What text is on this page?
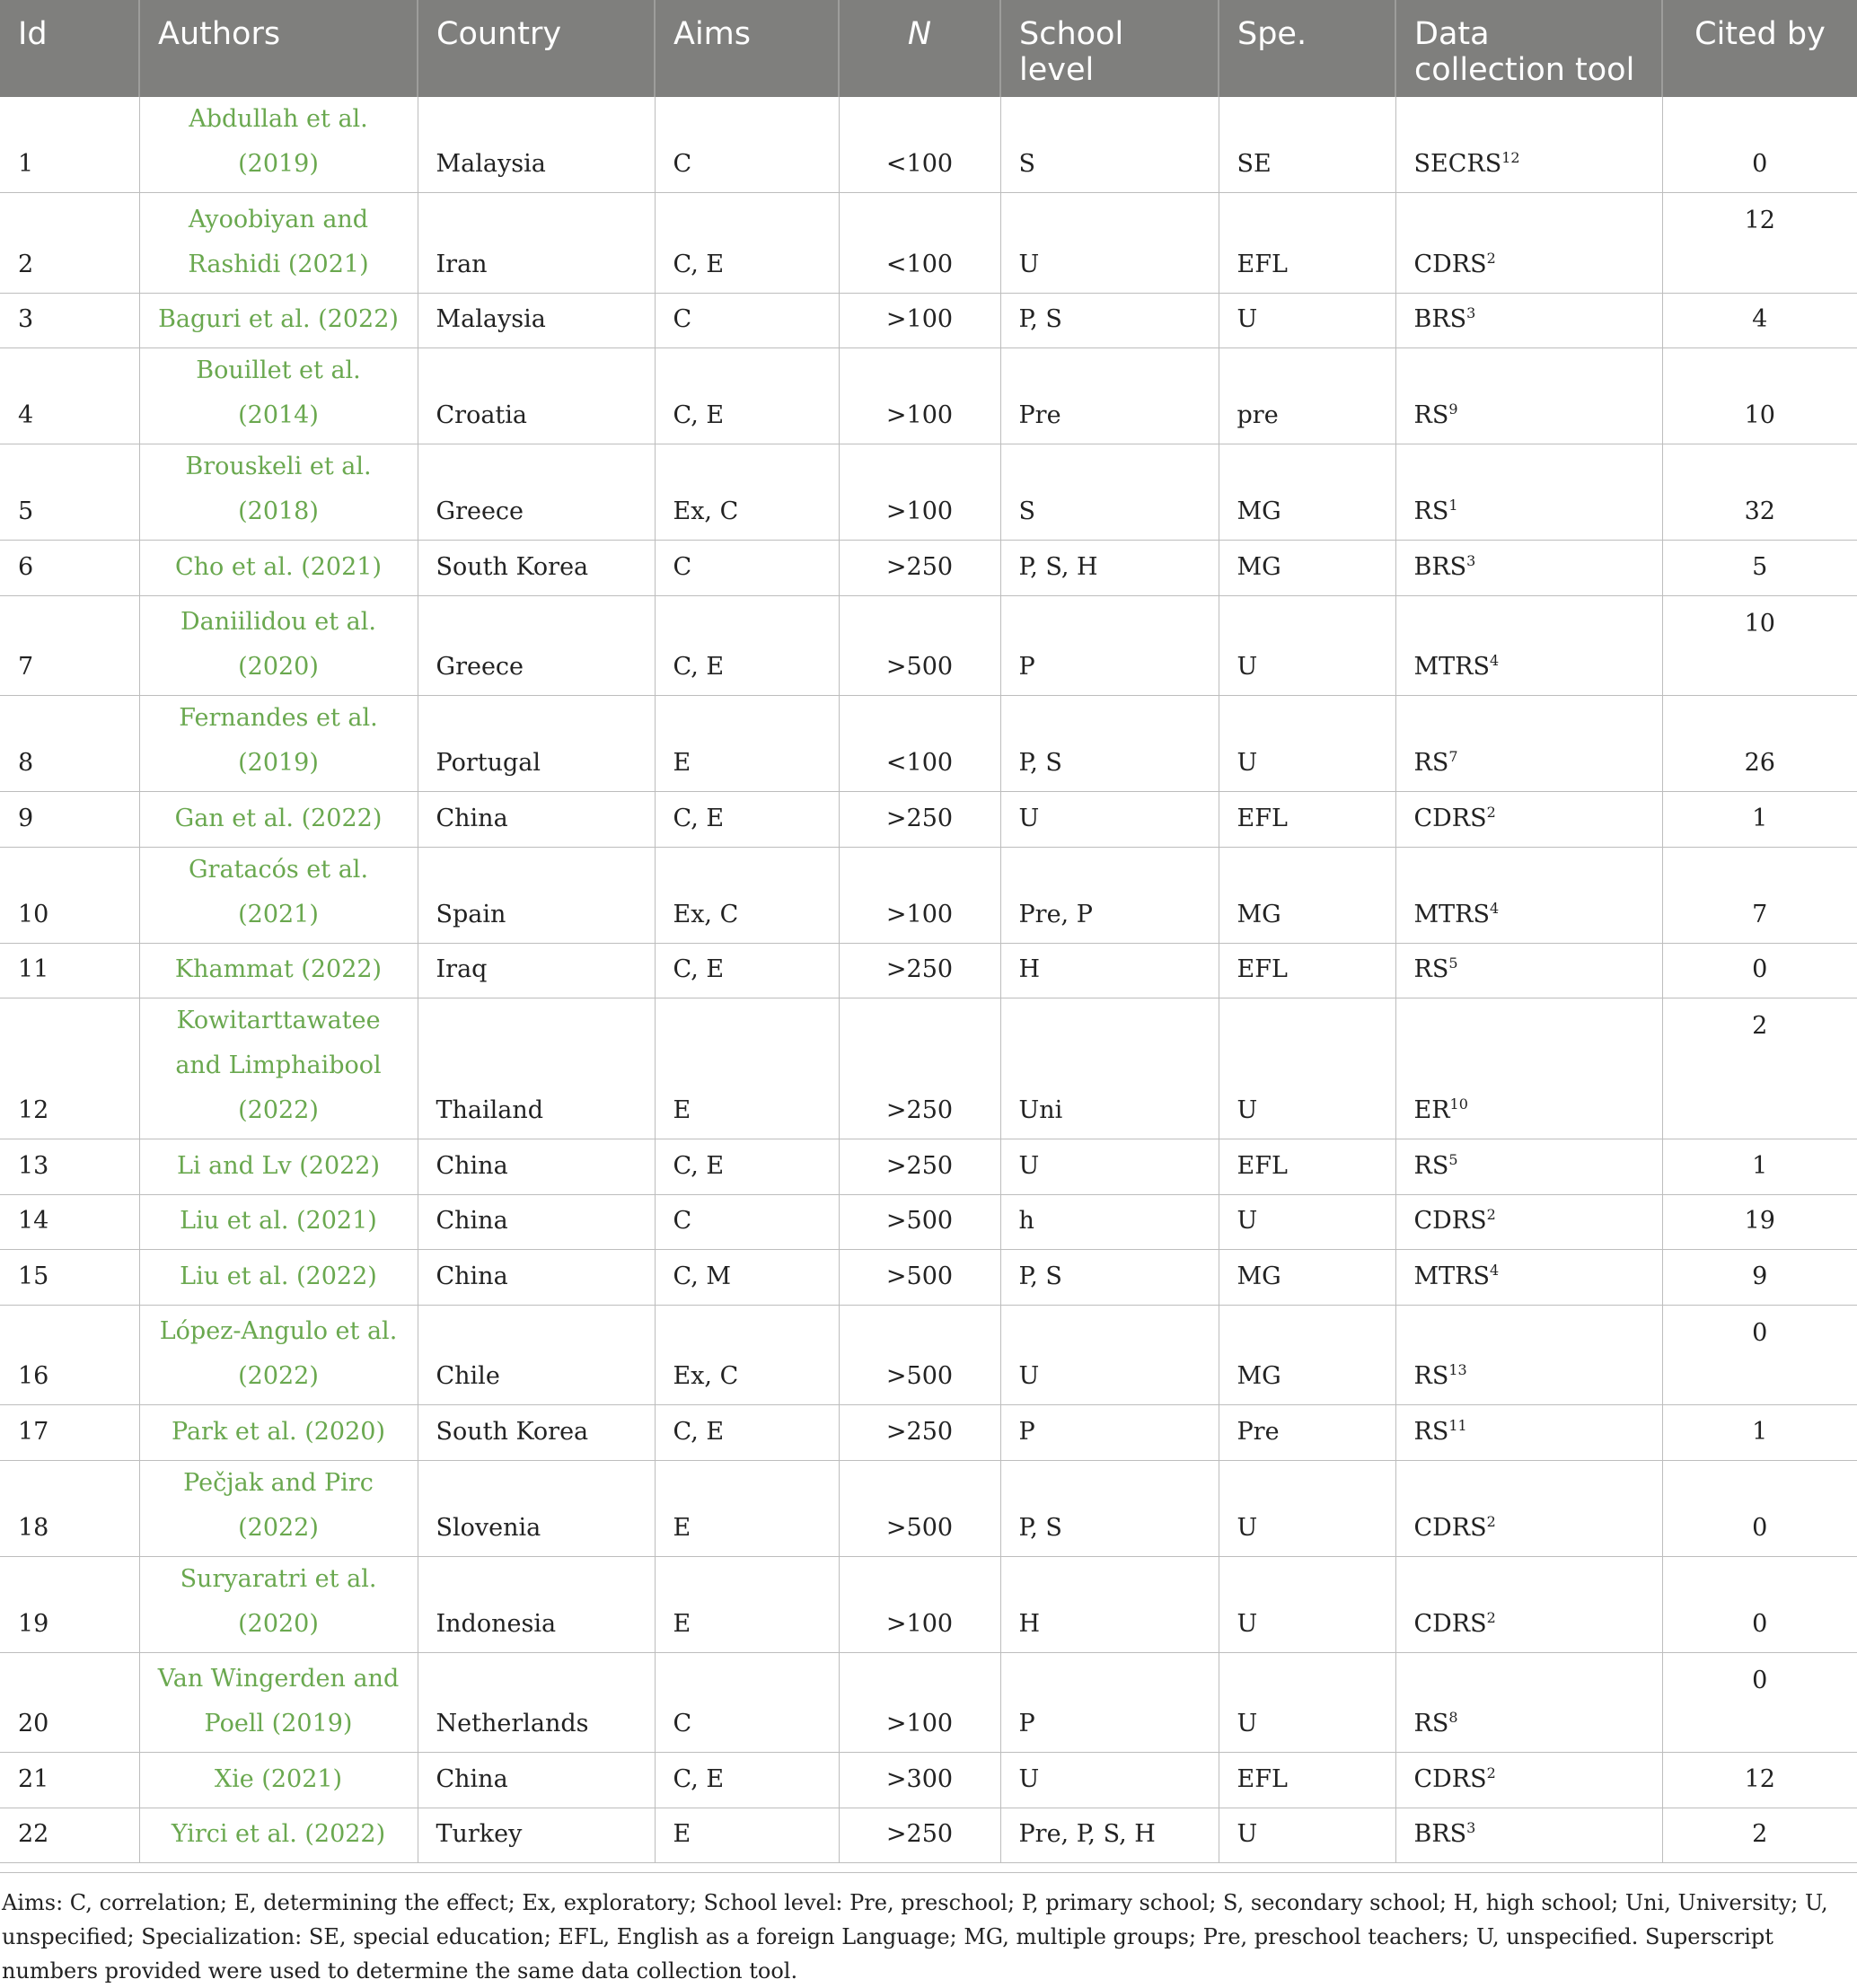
Id	Authors	Country	Aims	N	School level	Spe.	Data collection tool	Cited by
1	Abdullah et al. (2019)	Malaysia	C	<100	S	SE	SECRS$^{12}$	0
2	Ayoobiyan and Rashidi (2021)	Iran	C, E	<100	U	EFL	CDRS$^2$	12
3	Baguri et al. (2022)	Malaysia	C	>100	P, S	U	BRS$^3$	4
4	Bouillet et al. (2014)	Croatia	C, E	>100	Pre	pre	$RS^9$	10
5	Brouskeli et al. (2018)	Greece	Ex, C	>100	S	MG	$RS^1$	32
6	Cho et al. (2021)	South Korea	C	>250	P, S, H	MG	BRS$^3$	5
7	Daniilidou et al. (2020)	Greece	C, E	>500	P	U	MTRS$^4$	10
8	Fernandes et al. (2019)	Portugal	E	<100	P, S	U	$RS^7$	26
9	Gan et al. (2022)	China	C, E	>250	U	EFL	CDRS$^2$	1
10	Gratacós et al. (2021)	Spain	Ex, C	>100	Pre, P	MG	MTRS$^4$	7
11	Khammat (2022)	Iraq	C, E	>250	H	EFL	$RS^5$	0
12	Kowitarttawatee and Limphaibool (2022)	Thailand	E	>250	Uni	U	ER$^{10}$	2
13	Li and Lv (2022)	China	C, E	>250	U	EFL	$RS^5$	1
14	Liu et al. (2021)	China	C	>500	h	U	CDRS$^2$	19
15	Liu et al. (2022)	China	C, M	>500	P, S	MG	MTRS$^4$	9
16	López-Angulo et al. (2022)	Chile	Ex, C	>500	U	MG	RS$^{13}$	0
17	Park et al. (2020)	South Korea	C, E	>250	P	Pre	RS$^{11}$	1
18	Pečjak and Pirc (2022)	Slovenia	E	>500	P, S	U	CDRS$^2$	0
19	Suryaratri et al. (2020)	Indonesia	E	>100	H	U	CDRS$^2$	0
20	Van Wingerden and Poell (2019)	Netherlands	C	>100	P	U	$RS^8$	0
21	Xie (2021)	China	C, E	>300	U	EFL	CDRS$^2$	12
22	Yirci et al. (2022)	Turkey	E	>250	Pre, P, S, H	U	BRS$^3$	2
Aims: C, correlation; E, determining the effect; Ex, exploratory; School level: Pre, preschool; P, primary school; S, secondary school; H, high school; Uni, University; U, unspecified; Specialization: SE, special education; EFL, English as a foreign Language; MG, multiple groups; Pre, preschool teachers; U, unspecified. Superscript numbers provided were used to determine the same data collection tool.
